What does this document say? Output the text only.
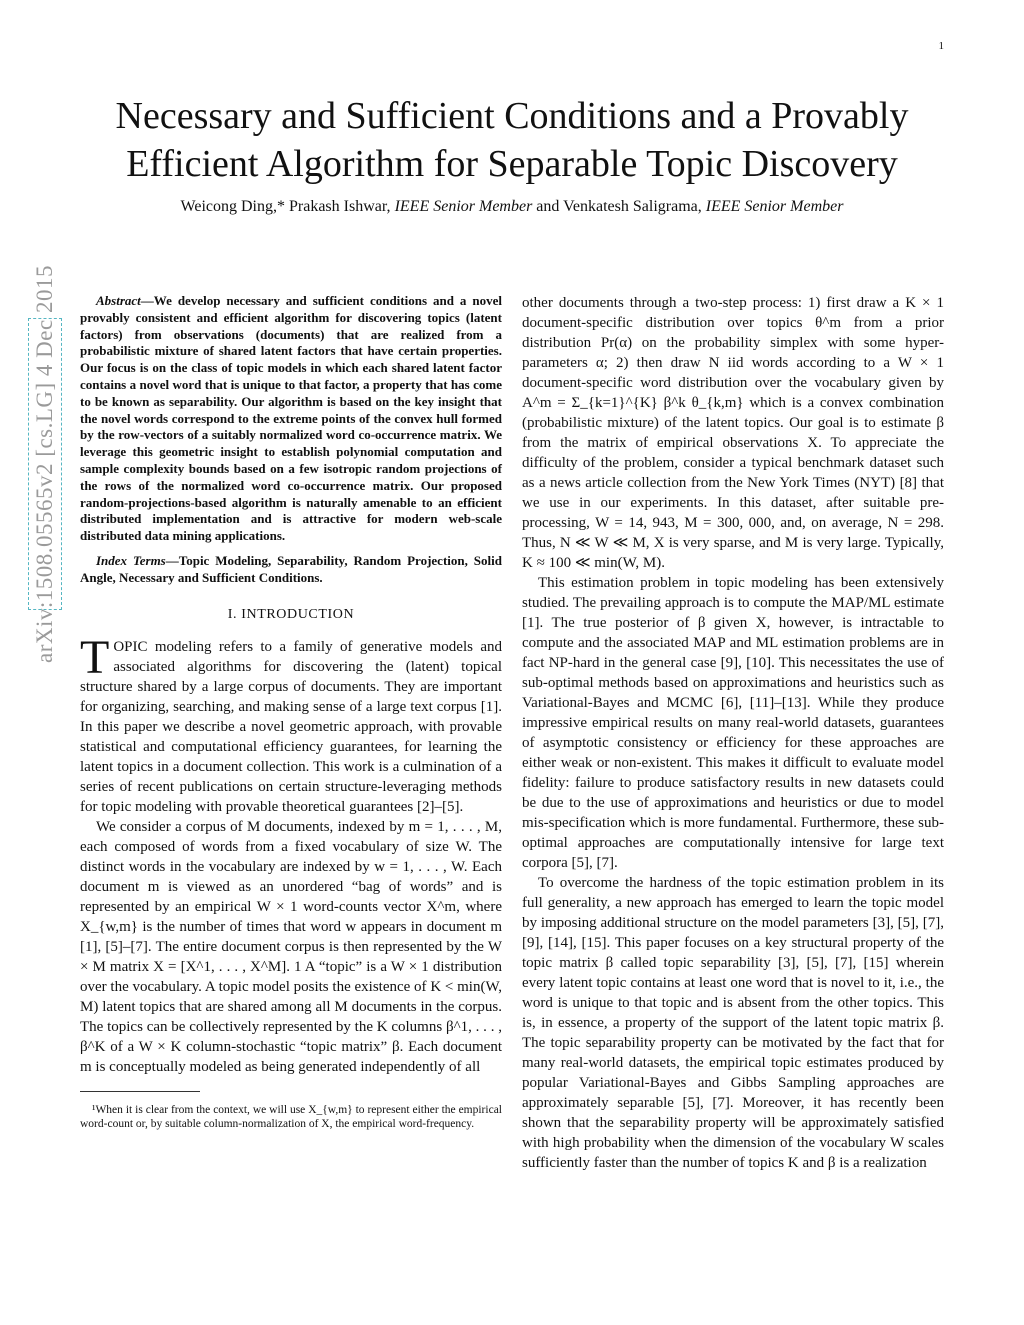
1
arXiv:1508.05565v2 [cs.LG] 4 Dec 2015
Necessary and Sufficient Conditions and a Provably Efficient Algorithm for Separable Topic Discovery
Weicong Ding,* Prakash Ishwar, IEEE Senior Member and Venkatesh Saligrama, IEEE Senior Member

Abstract—We develop necessary and sufficient conditions and a novel provably consistent and efficient algorithm for discovering topics (latent factors) from observations (documents) that are realized from a probabilistic mixture of shared latent factors that have certain properties. Our focus is on the class of topic models in which each shared latent factor contains a novel word that is unique to that factor, a property that has come to be known as separability. Our algorithm is based on the key insight that the novel words correspond to the extreme points of the convex hull formed by the row-vectors of a suitably normalized word co-occurrence matrix. We leverage this geometric insight to establish polynomial computation and sample complexity bounds based on a few isotropic random projections of the rows of the normalized word co-occurrence matrix. Our proposed random-projections-based algorithm is naturally amenable to an efficient distributed implementation and is attractive for modern web-scale distributed data mining applications.

Index Terms—Topic Modeling, Separability, Random Projection, Solid Angle, Necessary and Sufficient Conditions.

I. INTRODUCTION

TOPIC modeling refers to a family of generative models and associated algorithms for discovering the (latent) topical structure shared by a large corpus of documents. They are important for organizing, searching, and making sense of a large text corpus [1]. In this paper we describe a novel geometric approach, with provable statistical and computational efficiency guarantees, for learning the latent topics in a document collection. This work is a culmination of a series of recent publications on certain structure-leveraging methods for topic modeling with provable theoretical guarantees [2]–[5].

We consider a corpus of M documents, indexed by m = 1, . . . , M, each composed of words from a fixed vocabulary of size W. The distinct words in the vocabulary are indexed by w = 1, . . . , W. Each document m is viewed as an unordered “bag of words” and is represented by an empirical W × 1 word-counts vector X^m, where X_{w,m} is the number of times that word w appears in document m [1], [5]–[7]. The entire document corpus is then represented by the W × M matrix X = [X^1, . . . , X^M]. 1 A “topic” is a W × 1 distribution over the vocabulary. A topic model posits the existence of K < min(W, M) latent topics that are shared among all M documents in the corpus. The topics can be collectively represented by the K columns β^1, . . . , β^K of a W × K column-stochastic “topic matrix” β. Each document m is conceptually modeled as being generated independently of all

¹When it is clear from the context, we will use X_{w,m} to represent either the empirical word-count or, by suitable column-normalization of X, the empirical word-frequency.

other documents through a two-step process: 1) first draw a K × 1 document-specific distribution over topics θ^m from a prior distribution Pr(α) on the probability simplex with some hyper-parameters α; 2) then draw N iid words according to a W × 1 document-specific word distribution over the vocabulary given by A^m = Σ_{k=1}^{K} β^k θ_{k,m} which is a convex combination (probabilistic mixture) of the latent topics. Our goal is to estimate β from the matrix of empirical observations X. To appreciate the difficulty of the problem, consider a typical benchmark dataset such as a news article collection from the New York Times (NYT) [8] that we use in our experiments. In this dataset, after suitable pre-processing, W = 14, 943, M = 300, 000, and, on average, N = 298. Thus, N ≪ W ≪ M, X is very sparse, and M is very large. Typically, K ≈ 100 ≪ min(W, M).

This estimation problem in topic modeling has been extensively studied. The prevailing approach is to compute the MAP/ML estimate [1]. The true posterior of β given X, however, is intractable to compute and the associated MAP and ML estimation problems are in fact NP-hard in the general case [9], [10]. This necessitates the use of sub-optimal methods based on approximations and heuristics such as Variational-Bayes and MCMC [6], [11]–[13]. While they produce impressive empirical results on many real-world datasets, guarantees of asymptotic consistency or efficiency for these approaches are either weak or non-existent. This makes it difficult to evaluate model fidelity: failure to produce satisfactory results in new datasets could be due to the use of approximations and heuristics or due to model mis-specification which is more fundamental. Furthermore, these sub-optimal approaches are computationally intensive for large text corpora [5], [7].

To overcome the hardness of the topic estimation problem in its full generality, a new approach has emerged to learn the topic model by imposing additional structure on the model parameters [3], [5], [7], [9], [14], [15]. This paper focuses on a key structural property of the topic matrix β called topic separability [3], [5], [7], [15] wherein every latent topic contains at least one word that is novel to it, i.e., the word is unique to that topic and is absent from the other topics. This is, in essence, a property of the support of the latent topic matrix β. The topic separability property can be motivated by the fact that for many real-world datasets, the empirical topic estimates produced by popular Variational-Bayes and Gibbs Sampling approaches are approximately separable [5], [7]. Moreover, it has recently been shown that the separability property will be approximately satisfied with high probability when the dimension of the vocabulary W scales sufficiently faster than the number of topics K and β is a realization
